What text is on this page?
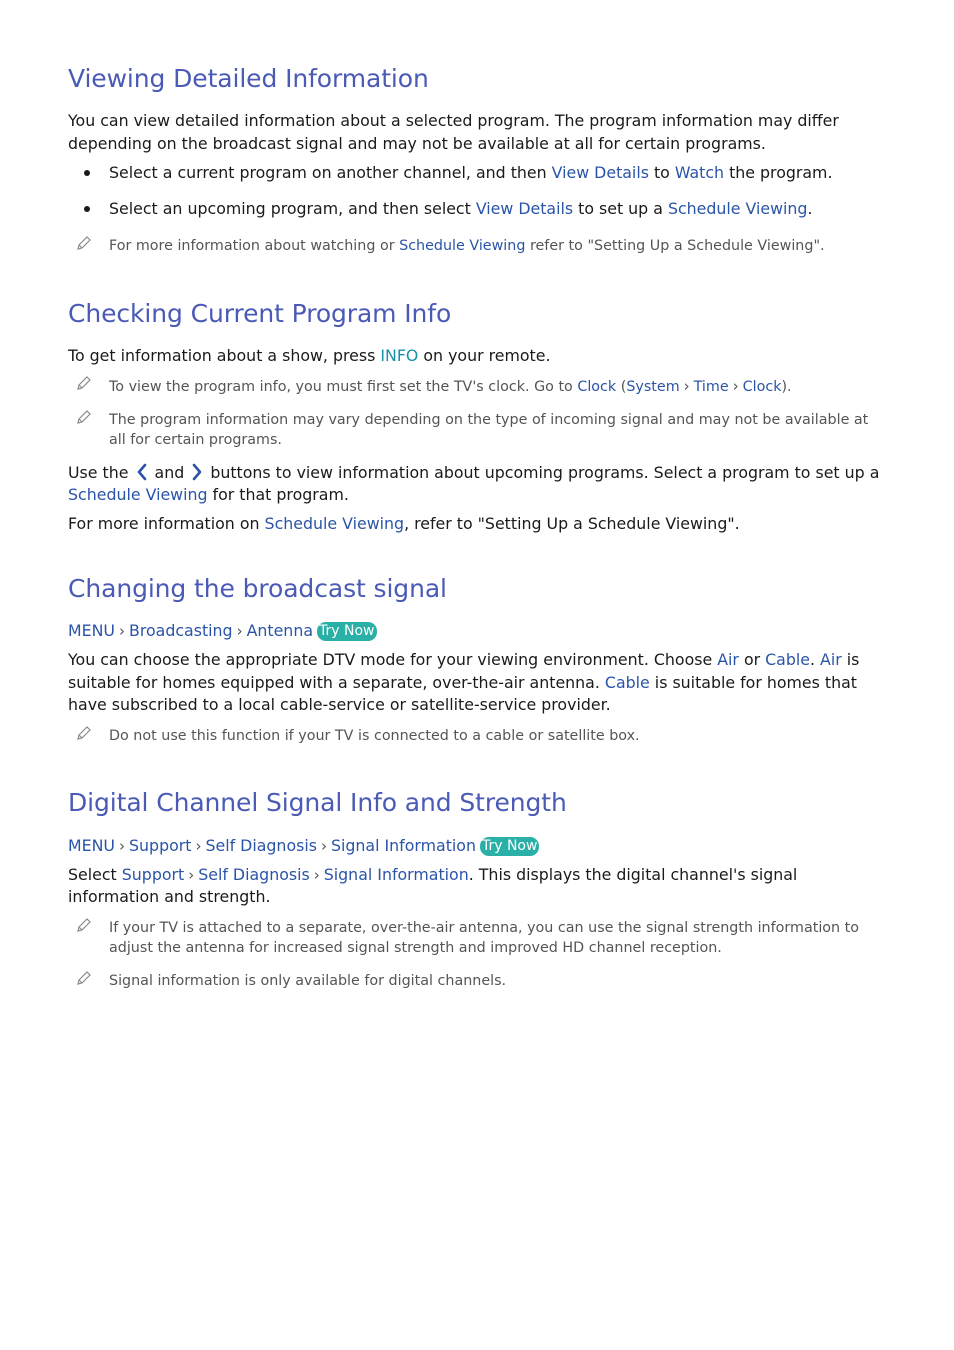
Viewing Detailed Information
You can view detailed information about a selected program. The program information may differ
depending on the broadcast signal and may not be available at all for certain programs.
Select a current program on another channel, and then View Details to Watch the program.
Select an upcoming program, and then select View Details to set up a Schedule Viewing.
For more information about watching or Schedule Viewing refer to "Setting Up a Schedule Viewing".
Checking Current Program Info
To get information about a show, press INFO on your remote.
To view the program info, you must first set the TV's clock. Go to Clock (System › Time › Clock).
The program information may vary depending on the type of incoming signal and may not be available at
all for certain programs.
Use the and buttons to view information about upcoming programs. Select a program to set up a
Schedule Viewing for that program.
For more information on Schedule Viewing, refer to "Setting Up a Schedule Viewing".
Changing the broadcast signal
MENU › Broadcasting › Antenna Try Now
You can choose the appropriate DTV mode for your viewing environment. Choose Air or Cable. Air is
suitable for homes equipped with a separate, over-the-air antenna. Cable is suitable for homes that
have subscribed to a local cable-service or satellite-service provider.
Do not use this function if your TV is connected to a cable or satellite box.
Digital Channel Signal Info and Strength
MENU › Support › Self Diagnosis › Signal Information Try Now
Select Support › Self Diagnosis › Signal Information. This displays the digital channel's signal
information and strength.
If your TV is attached to a separate, over-the-air antenna, you can use the signal strength information to
adjust the antenna for increased signal strength and improved HD channel reception.
Signal information is only available for digital channels.
